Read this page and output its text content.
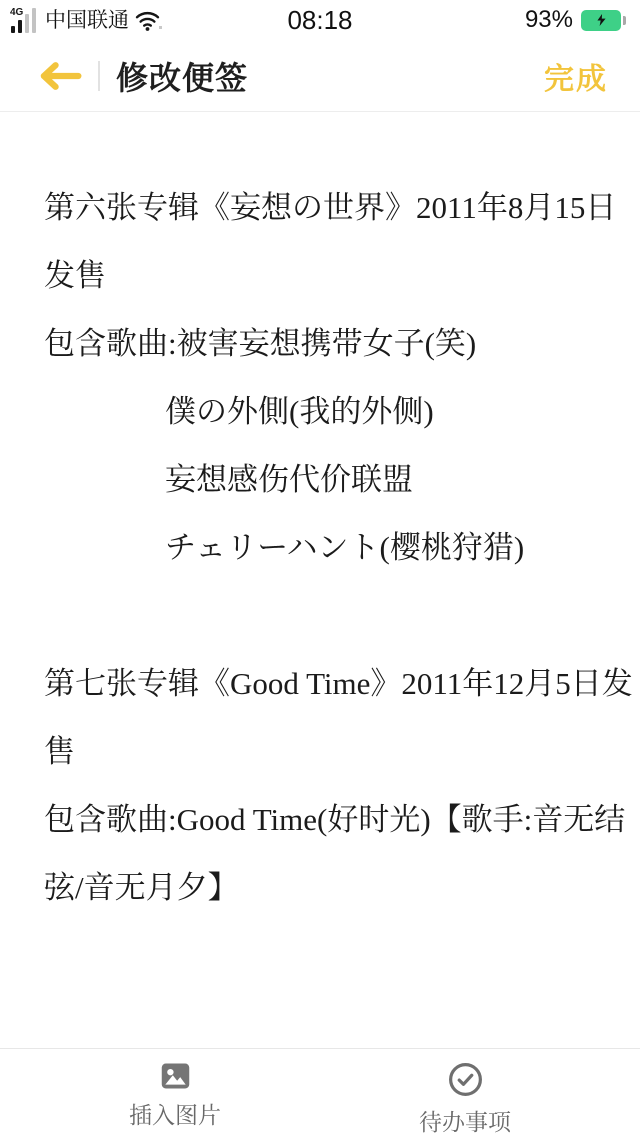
4G 中国联通	08:18	93%
修改便签	完成
第六张专辑《妄想の世界》2011年8月15日
发售
包含歌曲:被害妄想携带女子(笑)
僕の外側(我的外侧)
妄想感伤代价联盟
チェリーハント(樱桃狩猎)
第七张专辑《Good Time》2011年12月5日发
售
包含歌曲:Good Time(好时光)【歌手:音无结
弦/音无月夕】
插入图片	待办事项
